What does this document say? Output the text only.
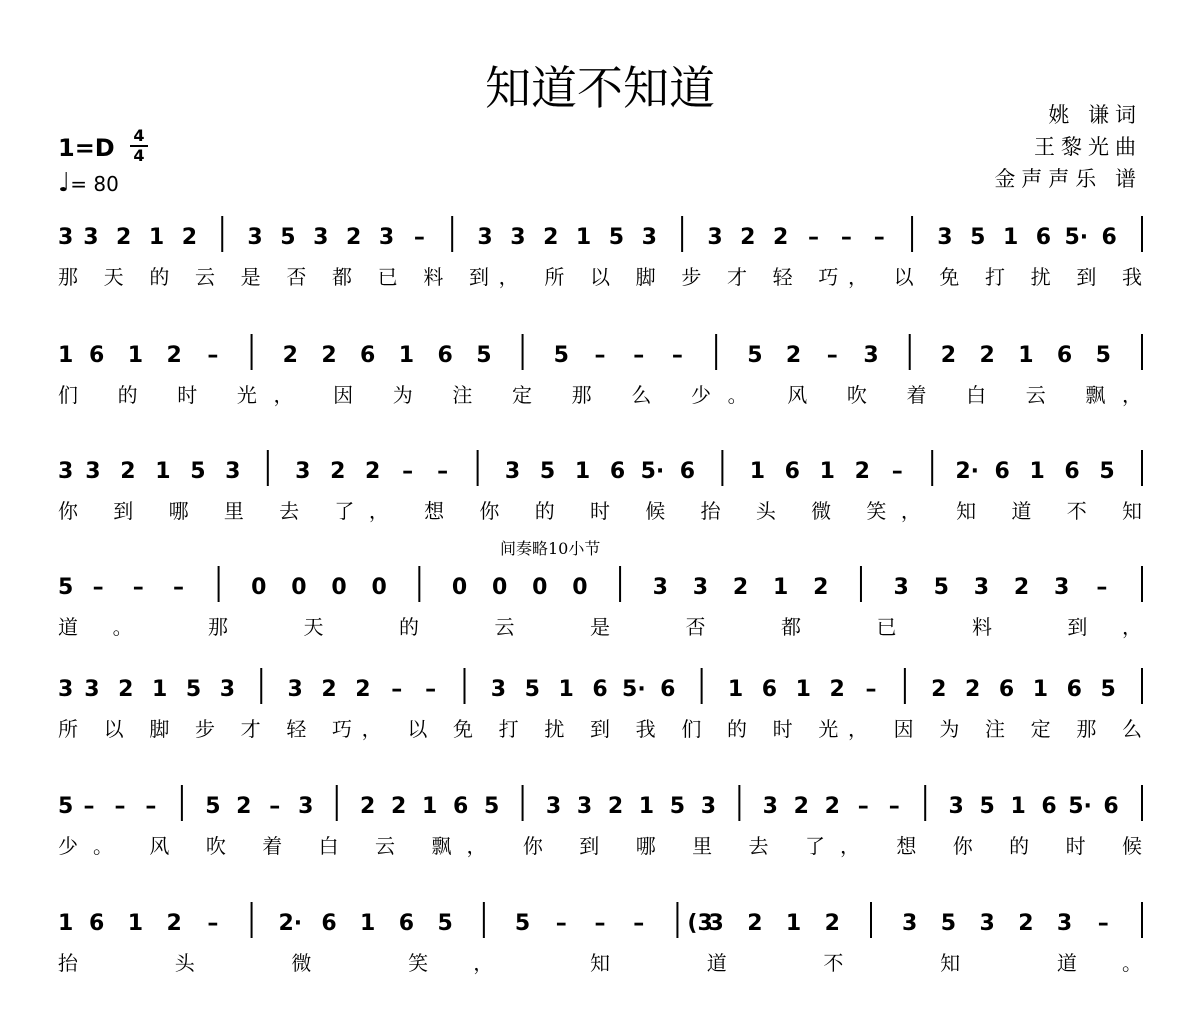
知道不知道	姚 谦词
王黎光曲
金声声乐 谱
1=D 4
4
♩= 80
间奏略10小节
3 3 2 1 2 3 5 3 2 3 – 3 3 2 1 5 3 3 2 2 – – – 3 5 1 6 5· 6
那 天 的 云 是 否 都 已 料 到， 所 以 脚 步 才 轻 巧， 以 免 打 扰 到 我
1 6 1 2 –	2 2 6 1 6 5	5 – – –	5 2 – 3	2 2 1 6 5
们 的 时 光， 因 为 注 定 那 么 少。 风 吹 着 白 云 飘，
3 3 2 1 5 3 3 2 2 – –	3 5 1 6 5· 6 1 6 1 2 – 2· 6 1 6 5
你 到 哪 里 去 了， 想 你 的 时 候 抬 头 微 笑， 知 道 不 知
5 – – –	0 0 0 0	0 0 0 0	3 3 2 1 2	3 5 3 2 3 –
道。 那 天 的 云 是 否 都 已 料 到，
3 3 2 1 5 3 3 2 2 – – 3 5 1 6 5· 6 1 6 1 2 – 2 2 6 1 6 5
所 以 脚 步 才 轻 巧， 以 免 打 扰 到 我 们 的 时 光， 因 为 注 定 那 么
5 – – – 5 2 – 3 2 2 1 6 5 3 3 2 1 5 3 3 2 2 – – 3 5 1 6 5· 6
少。 风 吹 着 白 云 飘， 你 到 哪 里 去 了， 想 你 的 时 候
1 6 1 2 –	2· 6 1 6 5	5 – – – (3
3 2 1 2	3 5 3 2 3 –
抬 头 微 笑， 知 道 不 知 道。
